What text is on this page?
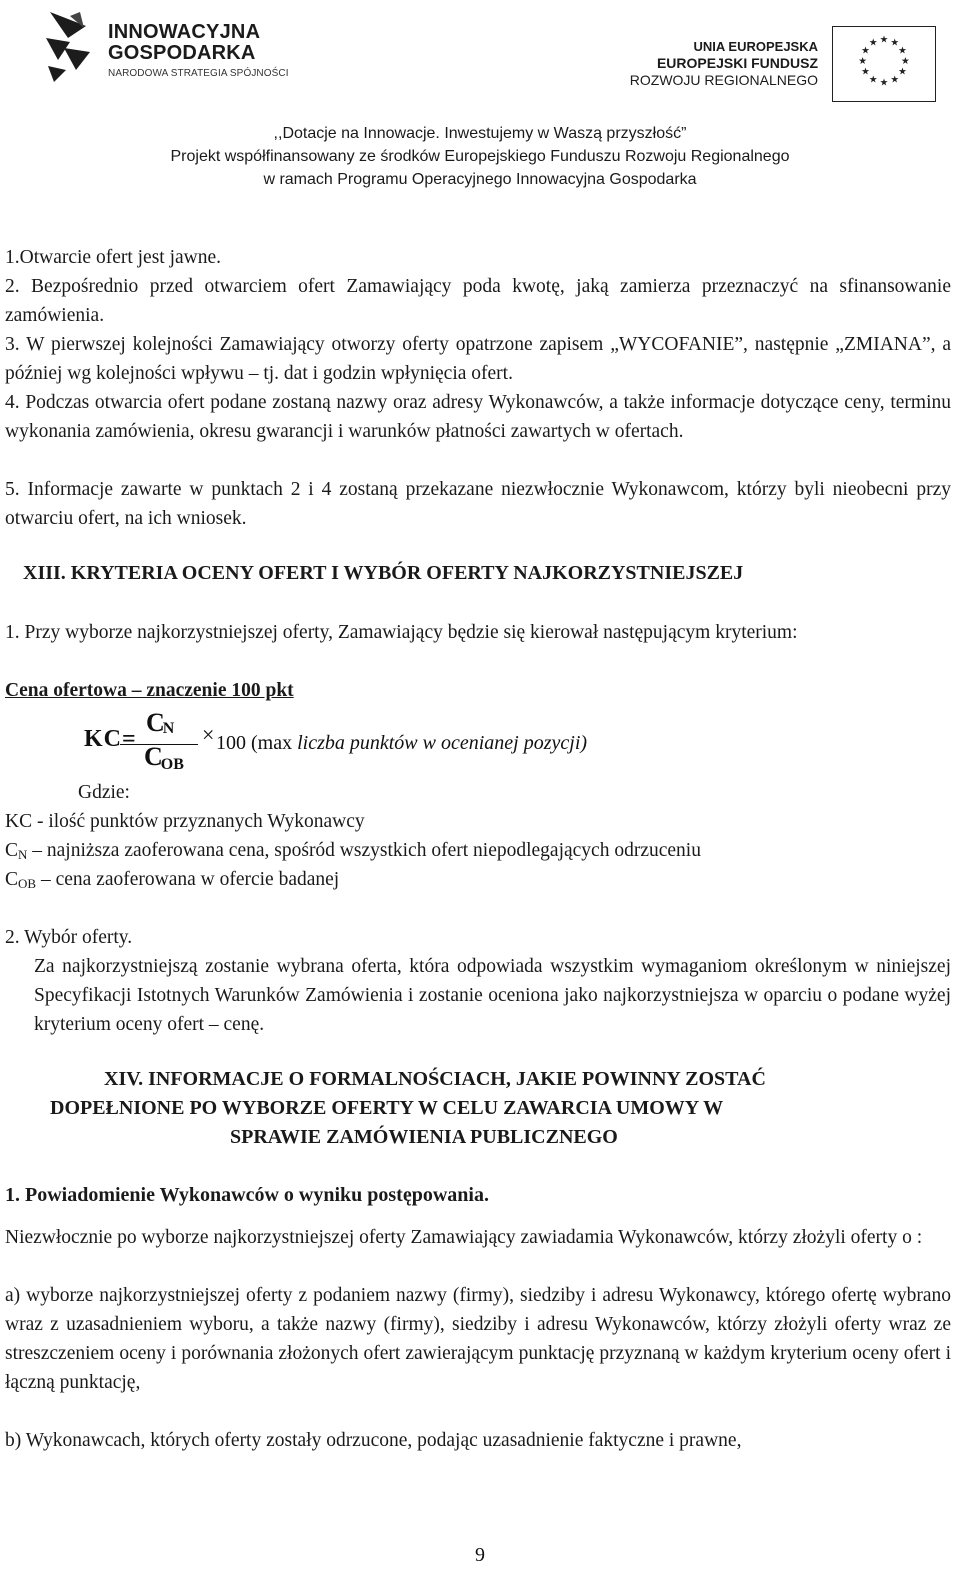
INNOWACYJNA
GOSPODARKA
NARODOWA STRATEGIA SPÓJNOŚCI
UNIA EUROPEJSKA
EUROPEJSKI FUNDUSZ
ROZWOJU REGIONALNEGO
★ ★
★
★
★
★
★
★
★
★
★
★
,,Dotacje na Innowacje. Inwestujemy w Waszą przyszłość”
Projekt współfinansowany ze środków Europejskiego Funduszu Rozwoju Regionalnego
w ramach Programu Operacyjnego Innowacyjna Gospodarka
1.Otwarcie ofert jest jawne.
2. Bezpośrednio przed otwarciem ofert Zamawiający poda kwotę, jaką zamierza przeznaczyć na sfinansowanie zamówienia.
3. W pierwszej kolejności Zamawiający otworzy oferty opatrzone zapisem „WYCOFANIE”, następnie „ZMIANA”, a później wg kolejności wpływu – tj. dat i godzin wpłynięcia ofert.
4. Podczas otwarcia ofert podane zostaną nazwy oraz adresy Wykonawców, a także informacje dotyczące ceny, terminu wykonania zamówienia, okresu gwarancji i warunków płatności zawartych w ofertach.
5. Informacje zawarte w punktach 2 i 4 zostaną przekazane niezwłocznie Wykonawcom, którzy byli nieobecni przy otwarciu ofert, na ich wniosek.
XIII. KRYTERIA OCENY OFERT I WYBÓR OFERTY NAJKORZYSTNIEJSZEJ
1. Przy wyborze najkorzystniejszej oferty, Zamawiający będzie się kierował następującym kryterium:
Cena ofertowa – znaczenie 100 pkt
KC=
$C_N$
$C_{OB}$
× 100 (max liczba punktów w ocenianej pozycji)
Gdzie:
KC - ilość punktów przyznanych Wykonawcy
CN – najniższa zaoferowana cena, spośród wszystkich ofert niepodlegających odrzuceniu
COB – cena zaoferowana w ofercie badanej
2. Wybór oferty.
Za najkorzystniejszą zostanie wybrana oferta, która odpowiada wszystkim wymaganiom określonym w niniejszej Specyfikacji Istotnych Warunków Zamówienia i zostanie oceniona jako najkorzystniejsza w oparciu o podane wyżej kryterium oceny ofert – cenę.
XIV. INFORMACJE O FORMALNOŚCIACH, JAKIE POWINNY ZOSTAĆ
DOPEŁNIONE PO WYBORZE OFERTY W CELU ZAWARCIA UMOWY W
SPRAWIE ZAMÓWIENIA PUBLICZNEGO
1. Powiadomienie Wykonawców o wyniku postępowania.
Niezwłocznie po wyborze najkorzystniejszej oferty Zamawiający zawiadamia Wykonawców, którzy złożyli oferty o :
a) wyborze najkorzystniejszej oferty z podaniem nazwy (firmy), siedziby i adresu Wykonawcy, którego ofertę wybrano wraz z uzasadnieniem wyboru, a także nazwy (firmy), siedziby i adresu Wykonawców, którzy złożyli oferty wraz ze streszczeniem oceny i porównania złożonych ofert zawierającym punktację przyznaną w każdym kryterium oceny ofert i łączną punktację,
b) Wykonawcach, których oferty zostały odrzucone, podając uzasadnienie faktyczne i prawne,
9
